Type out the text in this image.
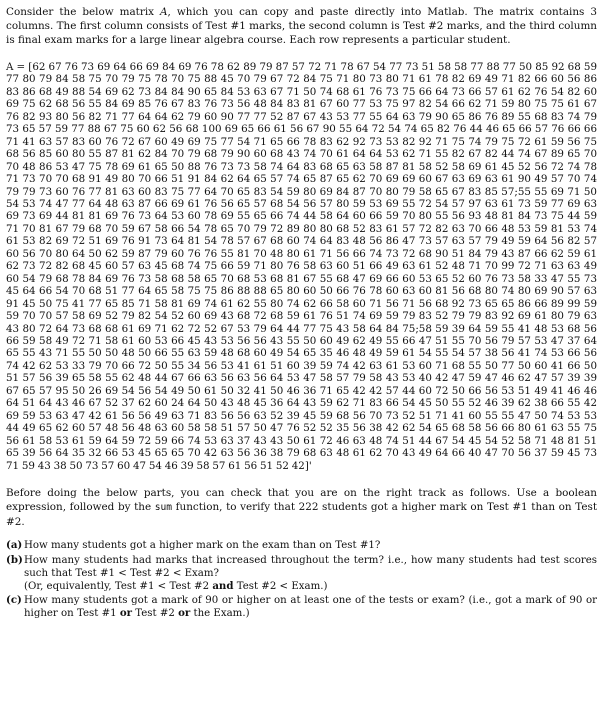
Consider the below matrix A, which you can copy and paste directly into Matlab. The matrix contains 3 columns. The first column consists of Test #1 marks, the second column is Test #2 marks, and the third column is final exam marks for a large linear algebra course. Each row represents a particular student.

A = [62 67 76 73 69 64 66 69 84 69 76 78 62 89 79 87 57 72 71 78 67 54 77 73 51 58 58 77 88 77 50 85 92 68 59
77 80 79 84 58 75 70 79 75 78 70 75 88 45 70 79 67 72 84 75 71 80 73 80 71 61 78 82 69 49 71 82 66 60 56 86
83 86 68 49 88 54 69 62 73 84 84 90 65 84 53 63 67 71 50 74 68 61 76 73 75 66 64 73 66 57 61 62 76 54 82 60
69 75 62 68 56 55 84 69 85 76 67 83 76 73 56 48 84 83 81 67 60 77 53 75 97 82 54 66 62 71 59 80 75 75 61 67
76 82 93 80 56 82 71 77 64 64 62 79 60 90 77 77 52 87 67 43 53 77 55 64 63 79 90 65 86 76 89 55 68 83 74 79
73 65 57 59 77 88 67 75 60 62 56 68 100 69 65 66 61 56 67 90 55 64 72 54 74 65 82 76 44 46 65 66 57 76 66 66
71 41 63 57 83 60 76 72 67 60 49 69 75 77 54 71 65 66 78 83 62 92 73 53 82 92 71 75 74 79 75 72 61 59 56 75
68 56 85 60 80 55 87 81 62 84 70 79 68 79 90 60 68 43 74 70 61 64 64 53 62 71 55 82 67 82 44 74 67 89 65 70
70 48 86 53 47 75 78 69 61 65 50 88 76 73 73 58 74 64 83 68 65 63 58 87 81 58 52 58 69 61 45 52 56 72 74 78
71 73 70 70 68 91 49 80 70 66 51 91 84 62 64 65 57 74 65 87 65 62 70 69 69 60 67 63 69 63 61 90 49 57 70 74
79 79 73 60 76 77 81 63 60 83 75 77 64 70 65 83 54 59 80 69 84 87 70 80 79 58 65 67 83 85 57;55 55 69 71 50
54 53 74 47 77 64 48 63 87 66 69 61 76 56 65 57 68 54 56 57 80 59 53 69 55 72 54 57 97 63 61 73 59 77 69 63
69 73 69 44 81 81 69 76 73 64 53 60 78 69 55 65 66 74 44 58 64 60 66 59 70 80 55 56 93 48 81 84 73 75 44 59
71 70 81 67 79 68 70 59 67 58 66 54 78 65 70 79 72 89 80 80 68 52 83 61 57 72 82 63 70 66 48 53 59 81 53 74
61 53 82 69 72 51 69 76 91 73 64 81 54 78 57 67 68 60 74 64 83 48 56 86 47 73 57 63 57 79 49 59 64 56 82 57
60 56 70 80 64 50 62 59 87 79 60 76 76 55 81 70 48 80 61 71 56 66 74 73 72 68 90 51 84 79 43 87 66 62 59 61
62 73 72 82 68 45 60 57 63 45 68 74 75 66 59 71 80 76 58 63 60 51 66 49 63 61 52 48 71 70 99 72 71 63 63 49
60 54 79 68 78 84 69 76 73 58 68 58 65 70 68 53 68 81 67 55 68 47 69 66 60 53 65 52 60 76 73 58 33 47 55 73
45 64 66 54 70 68 51 77 64 65 58 75 75 86 88 88 65 80 60 50 66 76 78 60 63 60 81 56 68 80 74 80 69 90 57 63
91 45 50 75 41 77 65 85 71 58 81 69 74 61 62 55 80 74 62 66 58 60 71 56 71 56 68 92 73 65 65 86 66 89 99 59
59 70 70 57 58 69 52 79 82 54 52 60 69 43 68 72 68 59 61 76 51 74 69 59 79 83 52 79 79 83 92 69 61 80 79 63
43 80 72 64 73 68 68 61 69 71 62 72 52 67 53 79 64 44 77 75 43 58 64 84 75;58 59 39 64 59 55 41 48 53 68 56
66 59 58 49 72 71 58 61 60 53 66 45 43 53 56 56 43 55 50 60 49 62 49 55 66 47 51 55 70 56 79 57 53 47 37 64
65 55 43 71 55 50 50 48 50 66 55 63 59 48 68 60 49 54 65 35 46 48 49 59 61 54 55 54 57 38 56 41 74 53 66 56
74 42 62 53 33 79 70 66 72 50 55 34 56 53 41 61 51 60 39 59 74 42 63 61 53 60 71 68 55 50 77 50 60 41 66 50
51 57 56 39 65 58 55 62 48 44 67 66 63 56 63 56 64 53 47 58 57 79 58 43 53 40 42 47 59 47 46 62 47 57 39 39
67 65 57 95 50 26 69 54 56 54 49 50 61 50 32 41 50 46 36 71 65 42 42 57 44 60 72 50 66 56 53 51 49 41 46 46
64 51 64 43 46 67 52 37 62 60 24 64 50 43 48 45 36 64 43 59 62 71 83 66 54 45 50 55 52 46 39 62 38 66 55 42
69 59 53 63 47 42 61 56 56 49 63 71 83 56 56 63 52 39 45 59 68 56 70 73 52 51 71 41 60 55 55 47 50 74 53 53
44 49 65 62 60 57 48 56 48 63 60 58 58 51 57 50 47 76 52 52 35 56 38 42 62 54 65 68 58 56 66 80 61 63 55 75
56 61 58 53 61 59 64 59 72 59 66 74 53 63 37 43 43 50 61 72 46 63 48 74 51 44 67 54 45 54 52 58 71 48 81 51
65 39 56 64 35 32 66 53 45 65 65 70 42 63 56 36 38 79 68 63 48 61 62 70 43 49 64 66 40 47 70 56 37 59 45 73
71 59 43 38 50 73 57 60 47 54 46 39 58 57 61 56 51 52 42]'

Before doing the below parts, you can check that you are on the right track as follows. Use a boolean expression, followed by the sum function, to verify that 222 students got a higher mark on Test #1 than on Test #2.

(a) How many students got a higher mark on the exam than on Test #1?
(b) How many students had marks that increased throughout the term? i.e., how many students had test scores such that Test #1 < Test #2 < Exam?
(Or, equivalently, Test #1 < Test #2 and Test #2 < Exam.)
(c) How many students got a mark of 90 or higher on at least one of the tests or exam? (i.e., got a mark of 90 or higher on Test #1 or Test #2 or the Exam.)
